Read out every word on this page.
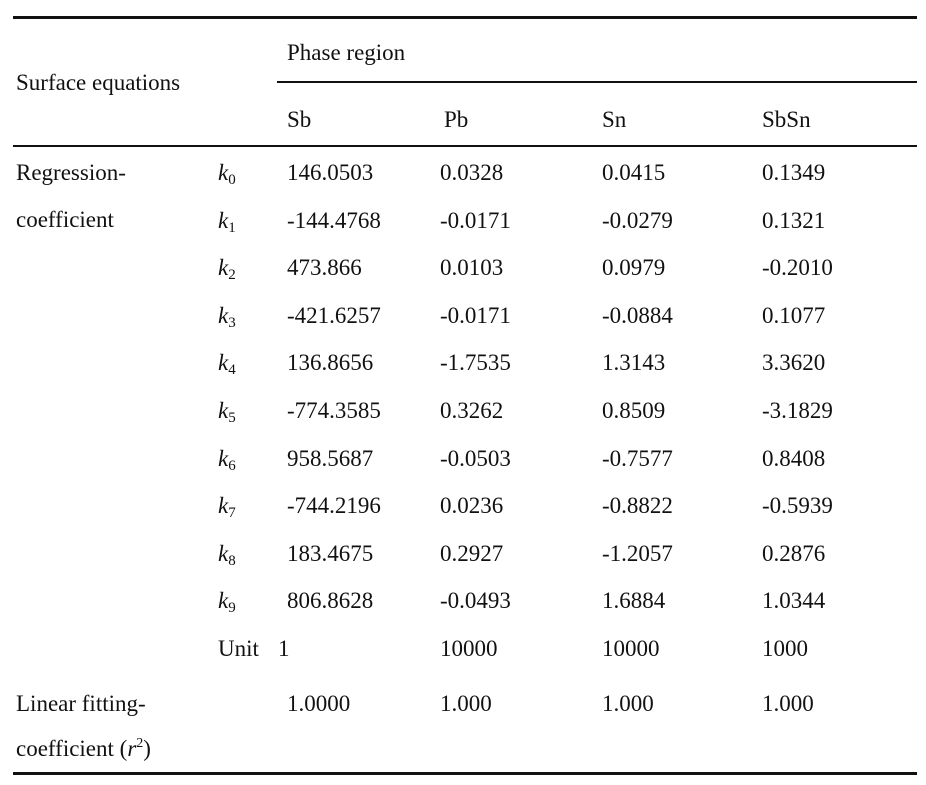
Surface equations
Phase region
Sb	Pb	Sn	SbSn
Regression-
coefficient
$k_0$ 146.0503	0.0328	0.0415	0.1349
$k_1$ -144.4768	-0.0171	-0.0279	0.1321
$k_2$ 473.866	0.0103	0.0979	-0.2010
$k_3$ -421.6257	-0.0171	-0.0884	0.1077
$k_4$ 136.8656	-1.7535	1.3143	3.3620
$k_5$ -774.3585	0.3262	0.8509	-3.1829
$k_6$ 958.5687	-0.0503	-0.7577	0.8408
$k_7$ -744.2196	0.0236	-0.8822	-0.5939
$k_8$ 183.4675	0.2927	-1.2057	0.2876
$k_9$ 806.8628	-0.0493	1.6884	1.0344
Unit 1	10000	10000	1000
Linear fitting-
coefficient $(r^2)$
1.0000	1.000	1.000	1.000
